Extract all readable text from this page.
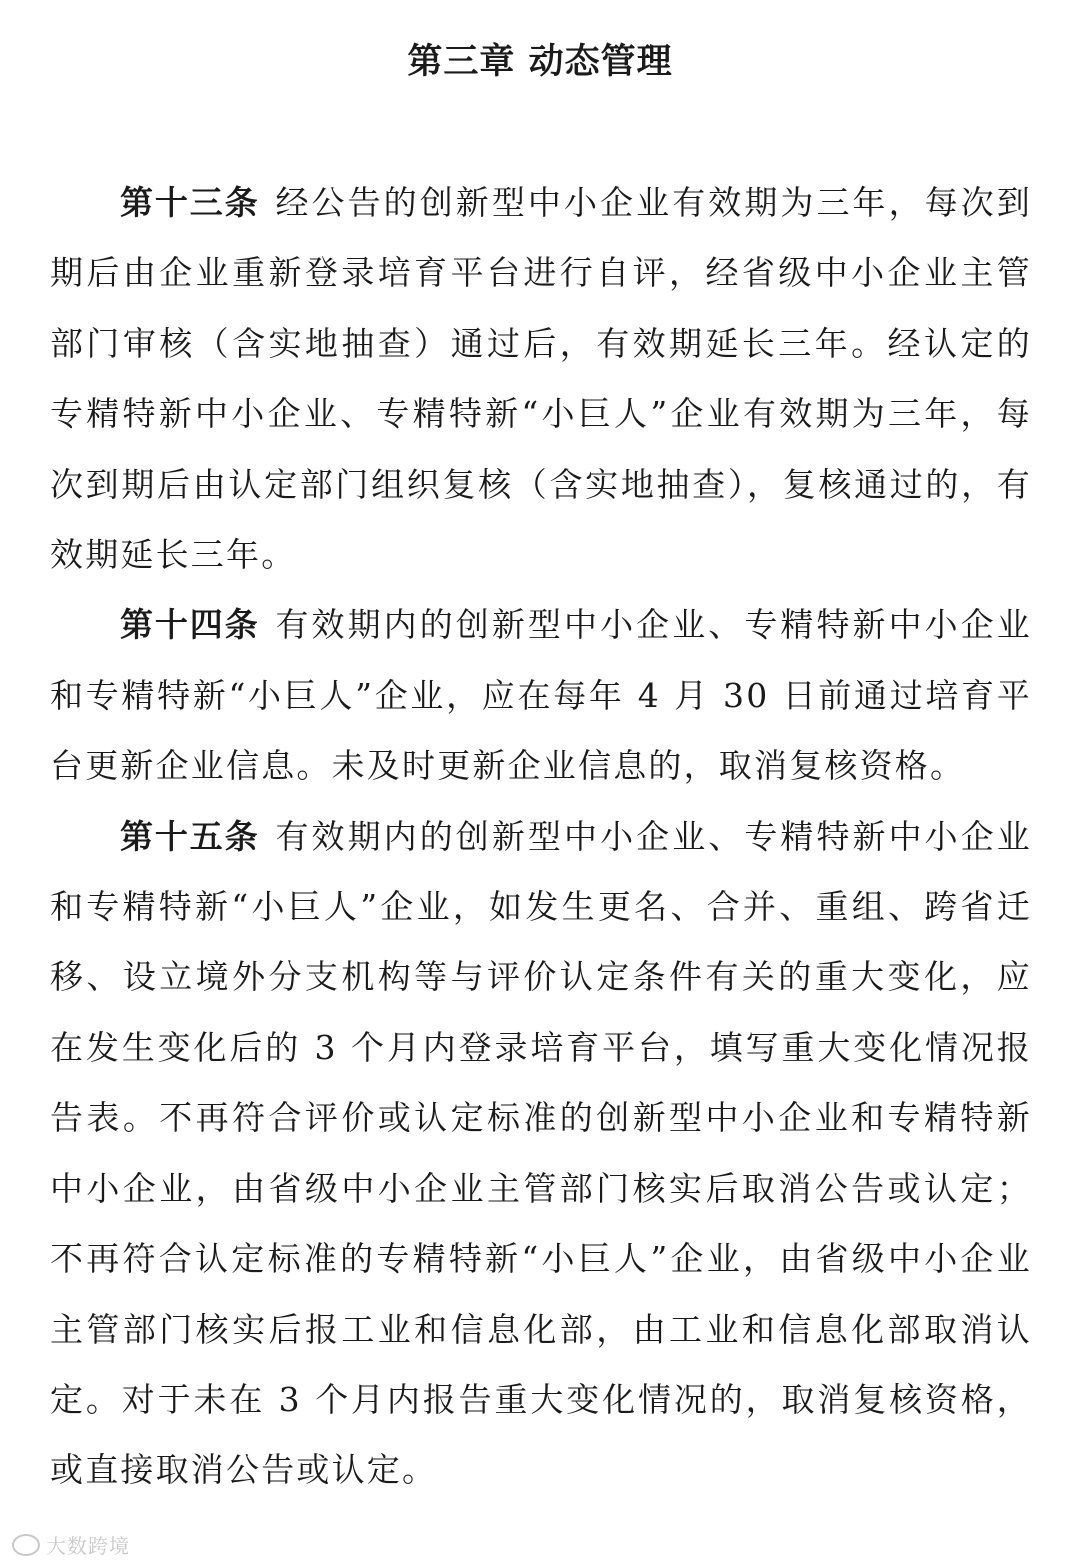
第三章 动态管理

第十三条 经公告的创新型中小企业有效期为三年，每次到期后由企业重新登录培育平台进行自评，经省级中小企业主管部门审核（含实地抽查）通过后，有效期延长三年。经认定的专精特新中小企业、专精特新“小巨人”企业有效期为三年，每次到期后由认定部门组织复核（含实地抽查），复核通过的，有效期延长三年。

第十四条 有效期内的创新型中小企业、专精特新中小企业和专精特新“小巨人”企业，应在每年 4 月 30 日前通过培育平台更新企业信息。未及时更新企业信息的，取消复核资格。

第十五条 有效期内的创新型中小企业、专精特新中小企业和专精特新“小巨人”企业，如发生更名、合并、重组、跨省迁移、设立境外分支机构等与评价认定条件有关的重大变化，应在发生变化后的 3 个月内登录培育平台，填写重大变化情况报告表。不再符合评价或认定标准的创新型中小企业和专精特新中小企业，由省级中小企业主管部门核实后取消公告或认定；不再符合认定标准的专精特新“小巨人”企业，由省级中小企业主管部门核实后报工业和信息化部，由工业和信息化部取消认定。对于未在 3 个月内报告重大变化情况的，取消复核资格，或直接取消公告或认定。

大数跨境
